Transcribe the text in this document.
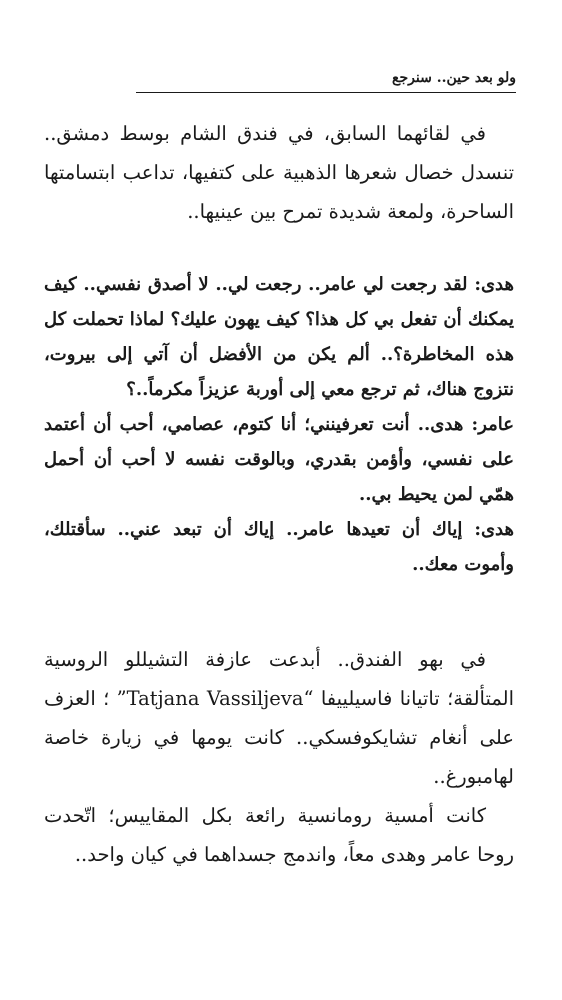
ولو بعد حين.. سنرجع

في لقائهما السابق، في فندق الشام بوسط دمشق.. تنسدل خصال شعرها الذهبية على كتفيها، تداعب ابتسامتها الساحرة، ولمعة شديدة تمرح بين عينيها..

هدى: لقد رجعت لي عامر.. رجعت لي.. لا أصدق نفسي.. كيف يمكنك أن تفعل بي كل هذا؟ كيف يهون عليك؟ لماذا تحملت كل هذه المخاطرة؟.. ألم يكن من الأفضل أن آتي إلى بيروت، نتزوج هناك، ثم ترجع معي إلى أوربة عزيزاً مكرماً..؟

عامر: هدى.. أنت تعرفينني؛ أنا كتوم، عصامي، أحب أن أعتمد على نفسي، وأؤمن بقدري، وبالوقت نفسه لا أحب أن أحمل همّي لمن يحيط بي..

هدى: إياك أن تعيدها عامر.. إياك أن تبعد عني.. سأقتلك، وأموت معك..

في بهو الفندق.. أبدعت عازفة التشيللو الروسية المتألقة؛ تاتيانا فاسيلييفا “Tatjana Vassiljeva” ؛ العزف على أنغام تشايكوفسكي.. كانت يومها في زيارة خاصة لهامبورغ..

كانت أمسية رومانسية رائعة بكل المقاييس؛ اتّحدت روحا عامر وهدى معاً، واندمج جسداهما في كيان واحد..
